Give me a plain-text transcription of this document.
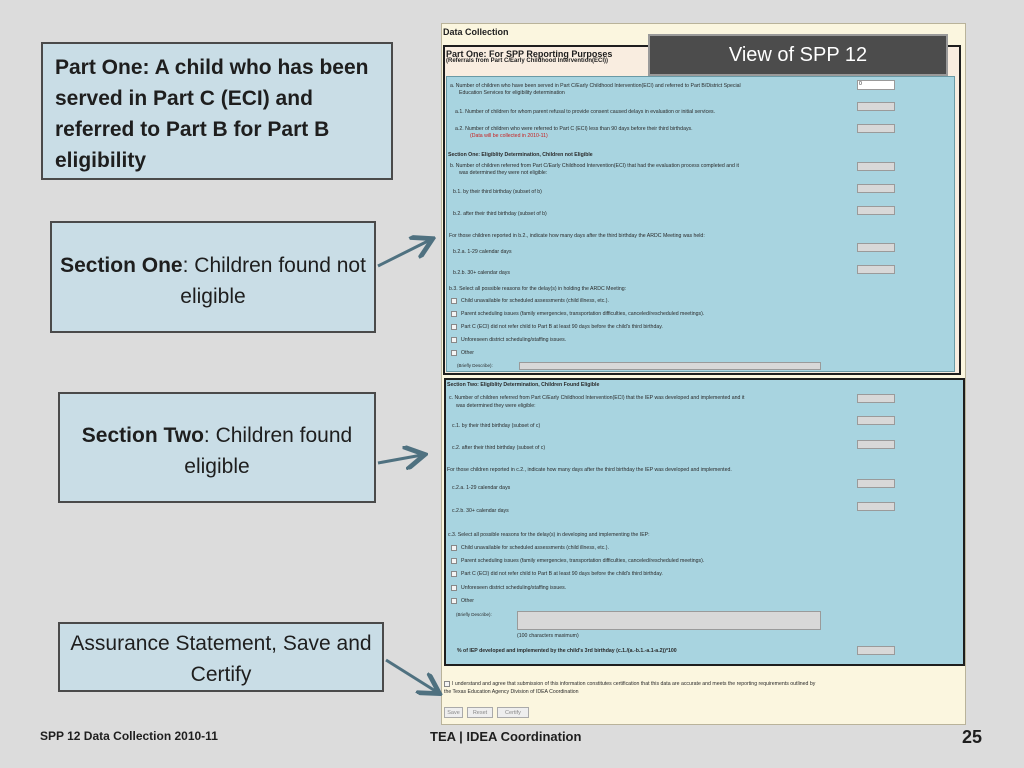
Part One: A child who has been served in Part C (ECI) and referred to Part B for Part B eligibility
Section One: Children found not eligible
Section Two: Children found eligible
Assurance Statement, Save and Certify
Data Collection
Part One: For SPP Reporting Purposes
(Referrals from Part C/Early Childhood Intervention(ECI))
a. Number of children who have been served in Part C/Early Childhood Intervention(ECI) and referred to Part B/District Special
Education Services for eligibility determination
0
a.1. Number of children for whom parent refusal to provide consent caused delays in evaluation or initial services.
a.2. Number of children who were referred to Part C (ECI) less than 90 days before their third birthdays.
(Data will be collected in 2010-11)
Section One: Eligiblity Determination, Children not Eligible
b. Number of children referred from Part C/Early Childhood Intervention(ECI) that had the evaluation process completed and it
was determined they were not eligible:
b.1. by their third birthday (subset of b)
b.2. after their third birthday (subset of b)
For those children reported in b.2., indicate how many days after the third birthday the ARDC Meeting was held:
b.2.a. 1-29 calendar days
b.2.b. 30+ calendar days
b.3. Select all possible reasons for the delay(s) in holding the ARDC Meeting:
Child unavailable for scheduled assessments (child illness, etc.).
Parent scheduling issues (family emergencies, transportation difficulties, canceled/rescheduled meetings).
Part C (ECI) did not refer child to Part B at least 90 days before the child's third birthday.
Unforeseen district scheduling/staffing issues.
Other
(Briefly Describe):
Section Two: Eligiblity Determination, Children Found Eligible
c. Number of children referred from Part C/Early Childhood Intervention(ECI) that the IEP was developed and implemented and it
was determined they were eligible:
c.1. by their third birthday (subset of c)
c.2. after their third birthday (subset of c)
For those children reported in c.2., indicate how many days after the third birthday the IEP was developed and implemented.
c.2.a. 1-29 calendar days
c.2.b. 30+ calendar days
c.3. Select all possible reasons for the delay(s) in developing and implementing the IEP:
Child unavailable for scheduled assessments (child illness, etc.).
Parent scheduling issues (family emergencies, transportation difficulties, canceled/rescheduled meetings).
Part C (ECI) did not refer child to Part B at least 90 days before the child's third birthday.
Unforeseen district scheduling/staffing issues.
Other
(Briefly Describe):
(100 characters maximum)
% of IEP developed and implemented by the child's 3rd birthday (c.1./(a.-b.1.-a.1-a.2))*100
I understand and agree that submission of this information constitutes certification that this data are accurate and meets the reporting requirements outlined by
the Texas Education Agency Division of IDEA Coordination
Save	Reset	Certify
View of SPP 12
SPP 12 Data Collection 2010-11	TEA | IDEA Coordination	25
